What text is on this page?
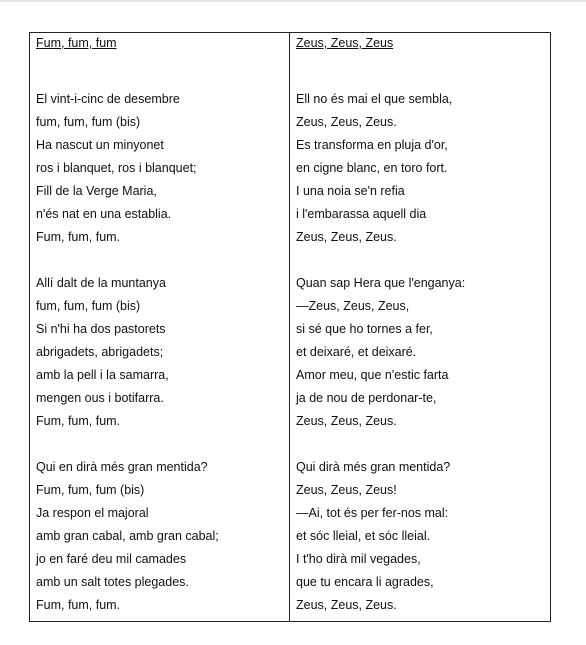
Fum, fum, fum
El vint-i-cinc de desembre
fum, fum, fum (bis)
Ha nascut un minyonet
ros i blanquet, ros i blanquet;
Fill de la Verge Maria,
n'és nat en una establia.
Fum, fum, fum.
Allí dalt de la muntanya
fum, fum, fum (bis)
Si n'hi ha dos pastorets
abrigadets, abrigadets;
amb la pell i la samarra,
mengen ous i botifarra.
Fum, fum, fum.
Qui en dirà més gran mentida?
Fum, fum, fum (bis)
Ja respon el majoral
amb gran cabal, amb gran cabal;
jo en faré deu mil camades
amb un salt totes plegades.
Fum, fum, fum.
Zeus, Zeus, Zeus
Ell no és mai el que sembla,
Zeus, Zeus, Zeus.
Es transforma en pluja d'or,
en cigne blanc, en toro fort.
I una noia se'n refia
i l'embarassa aquell dia
Zeus, Zeus, Zeus.
Quan sap Hera que l'enganya:
—Zeus, Zeus, Zeus,
si sé que ho tornes a fer,
et deixaré, et deixaré.
Amor meu, que n'estic farta
ja de nou de perdonar-te,
Zeus, Zeus, Zeus.
Qui dirà més gran mentida?
Zeus, Zeus, Zeus!
—Ai, tot és per fer-nos mal:
et sóc lleial, et sóc lleial.
I t'ho dirà mil vegades,
que tu encara li agrades,
Zeus, Zeus, Zeus.
